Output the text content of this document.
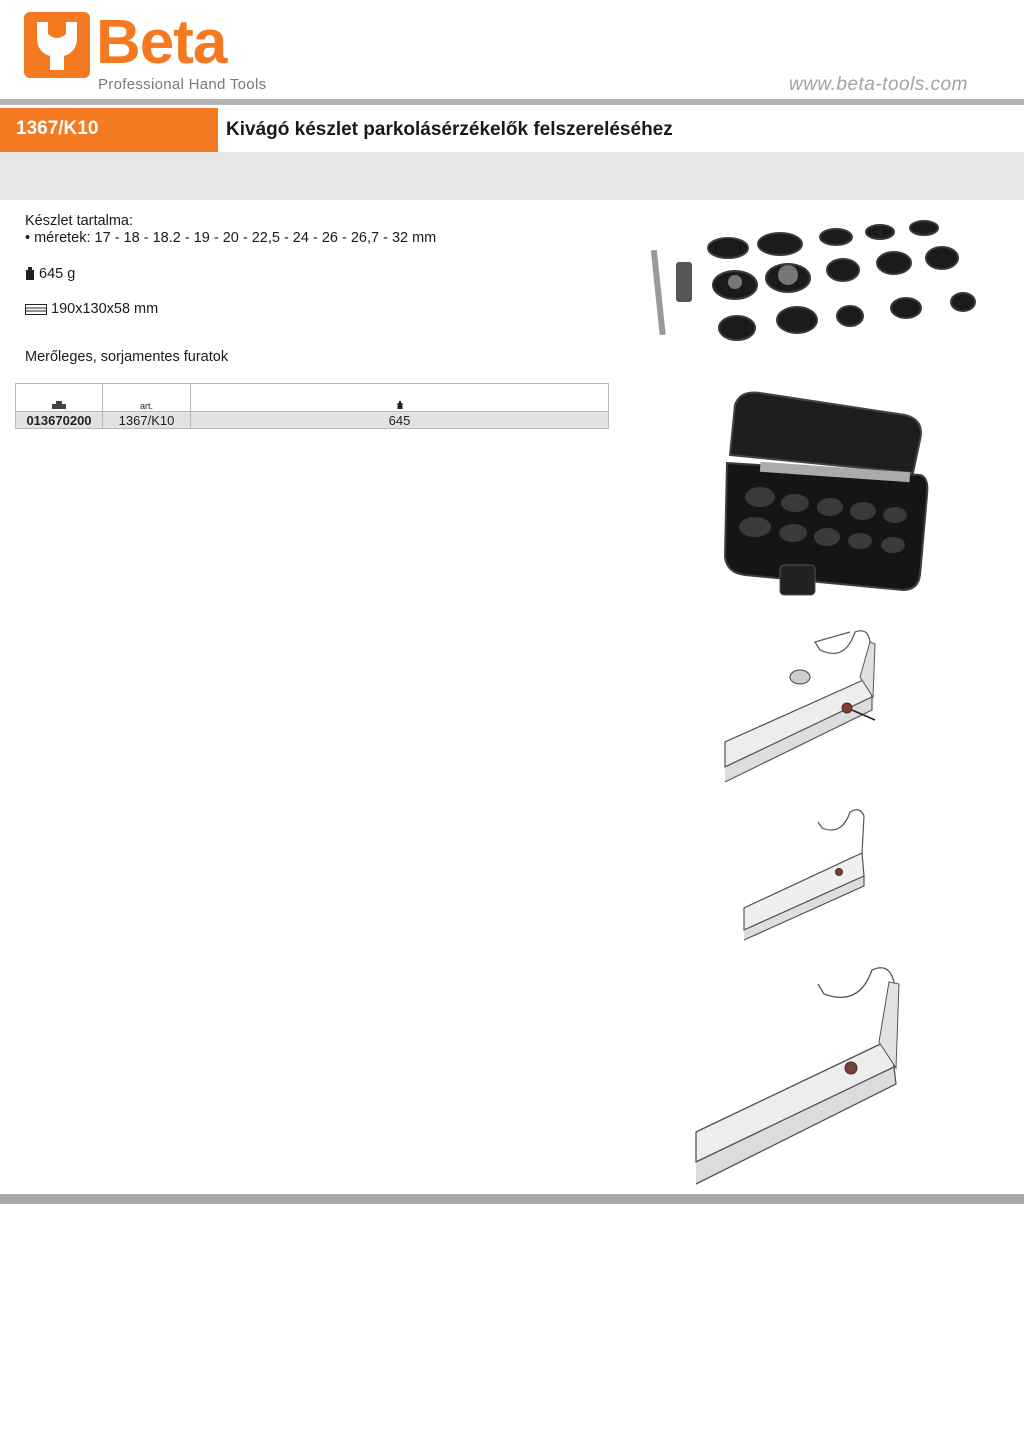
Beta
Professional Hand Tools	www.beta-tools.com
1367/K10	Kivágó készlet parkolásérzékelők felszereléséhez
Készlet tartalma:
• méretek: 17 - 18 - 18.2 - 19 - 20 - 22,5 - 24 - 26 - 26,7 - 32 mm
645 g
190x130x58 mm
Merőleges, sorjamentes furatok
	art.	
013670200	1367/K10	645
